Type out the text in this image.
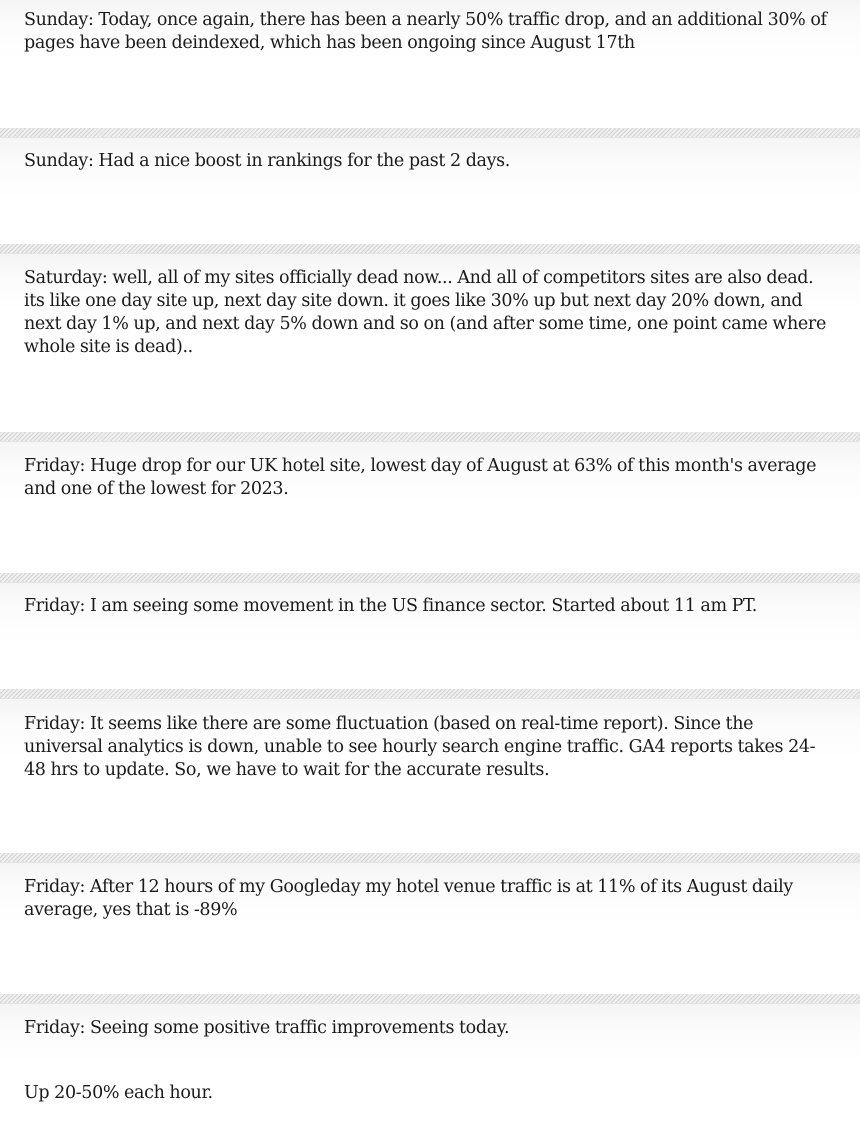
Sunday: Today, once again, there has been a nearly 50% traffic drop, and an additional 30% of pages have been deindexed, which has been ongoing since August 17th

Sunday: Had a nice boost in rankings for the past 2 days.

Saturday: well, all of my sites officially dead now... And all of competitors sites are also dead. its like one day site up, next day site down. it goes like 30% up but next day 20% down, and next day 1% up, and next day 5% down and so on (and after some time, one point came where whole site is dead)..

Friday: Huge drop for our UK hotel site, lowest day of August at 63% of this month's average and one of the lowest for 2023.

Friday: I am seeing some movement in the US finance sector. Started about 11 am PT.

Friday: It seems like there are some fluctuation (based on real-time report). Since the universal analytics is down, unable to see hourly search engine traffic. GA4 reports takes 24-48 hrs to update. So, we have to wait for the accurate results.

Friday: After 12 hours of my Googleday my hotel venue traffic is at 11% of its August daily average, yes that is -89%

Friday: Seeing some positive traffic improvements today.

Up 20-50% each hour.
